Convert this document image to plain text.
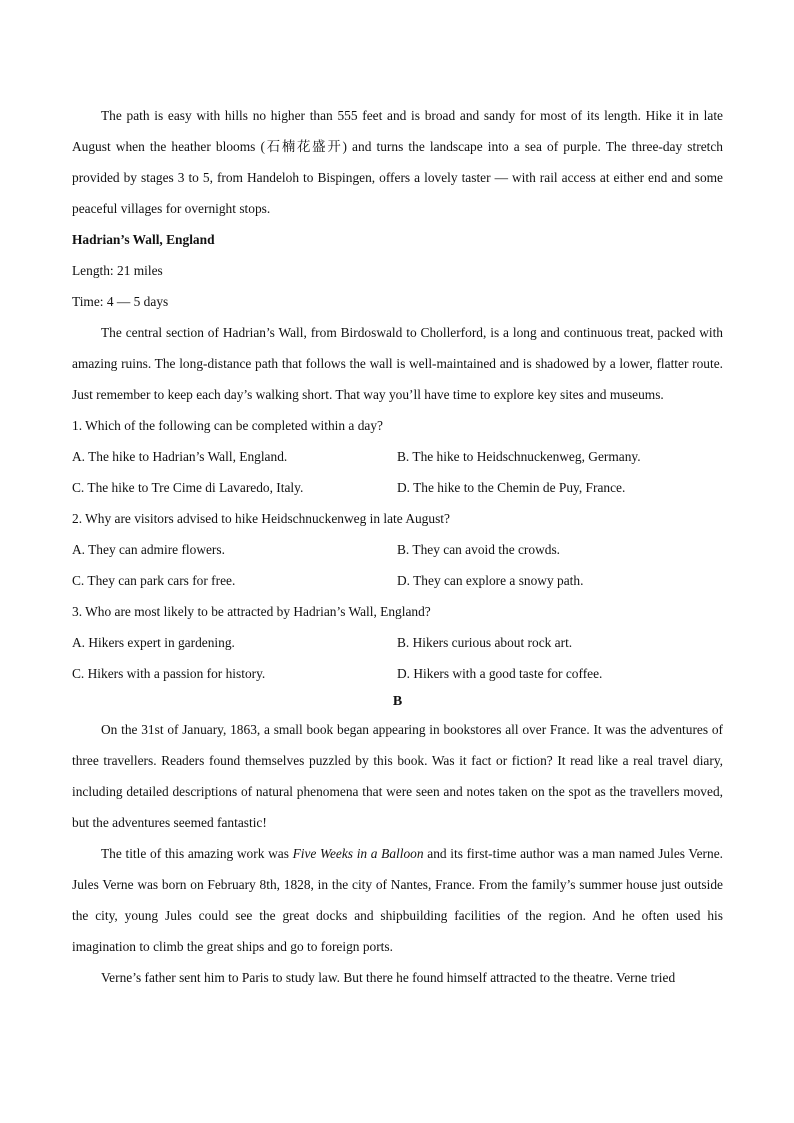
The path is easy with hills no higher than 555 feet and is broad and sandy for most of its length. Hike it in late August when the heather blooms (石楠花盛开) and turns the landscape into a sea of purple. The three-day stretch provided by stages 3 to 5, from Handeloh to Bispingen, offers a lovely taster — with rail access at either end and some peaceful villages for overnight stops.

Hadrian’s Wall, England
Length: 21 miles
Time: 4 — 5 days

The central section of Hadrian’s Wall, from Birdoswald to Chollerford, is a long and continuous treat, packed with amazing ruins. The long-distance path that follows the wall is well-maintained and is shadowed by a lower, flatter route. Just remember to keep each day’s walking short. That way you’ll have time to explore key sites and museums.

1. Which of the following can be completed within a day?
A. The hike to Hadrian’s Wall, England.	B. The hike to Heidschnuckenweg, Germany.
C. The hike to Tre Cime di Lavaredo, Italy.	D. The hike to the Chemin de Puy, France.
2. Why are visitors advised to hike Heidschnuckenweg in late August?
A. They can admire flowers.	B. They can avoid the crowds.
C. They can park cars for free.	D. They can explore a snowy path.
3. Who are most likely to be attracted by Hadrian’s Wall, England?
A. Hikers expert in gardening.	B. Hikers curious about rock art.
C. Hikers with a passion for history.	D. Hikers with a good taste for coffee.
B

On the 31st of January, 1863, a small book began appearing in bookstores all over France. It was the adventures of three travellers. Readers found themselves puzzled by this book. Was it fact or fiction? It read like a real travel diary, including detailed descriptions of natural phenomena that were seen and notes taken on the spot as the travellers moved, but the adventures seemed fantastic!

The title of this amazing work was Five Weeks in a Balloon and its first-time author was a man named Jules Verne. Jules Verne was born on February 8th, 1828, in the city of Nantes, France. From the family’s summer house just outside the city, young Jules could see the great docks and shipbuilding facilities of the region. And he often used his imagination to climb the great ships and go to foreign ports.

Verne’s father sent him to Paris to study law. But there he found himself attracted to the theatre. Verne tried
